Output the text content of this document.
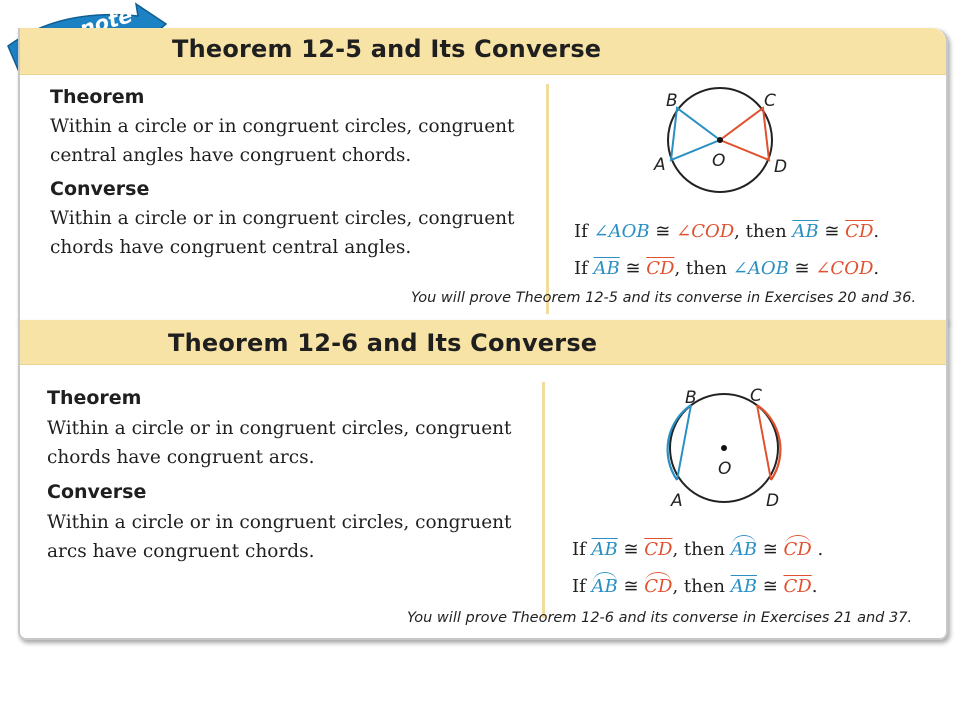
Theorem 12-5 and Its Converse
Theorem
Within a circle or in congruent circles, congruent
central angles have congruent chords.
Converse
Within a circle or in congruent circles, congruent
chords have congruent central angles.
B	C
A	D
O
If ∠AOB ≅ ∠COD, then $\overline{AB}$ ≅ $\overline{CD}$.
If $\overline{AB}$ ≅ $\overline{CD}$, then ∠AOB ≅ ∠COD.
You will prove Theorem 12-5 and its converse in Exercises 20 and 36.
Theorem 12-6 and Its Converse
Theorem
Within a circle or in congruent circles, congruent
chords have congruent arcs.
Converse
Within a circle or in congruent circles, congruent
arcs have congruent chords.
B	C
A	D
O
If $\overline{AB}$ ≅ $\overline{CD}$, then AB ≅ CD .
If AB ≅ CD, then $\overline{AB}$ ≅ $\overline{CD}$.
You will prove Theorem 12-6 and its converse in Exercises 21 and 37.
